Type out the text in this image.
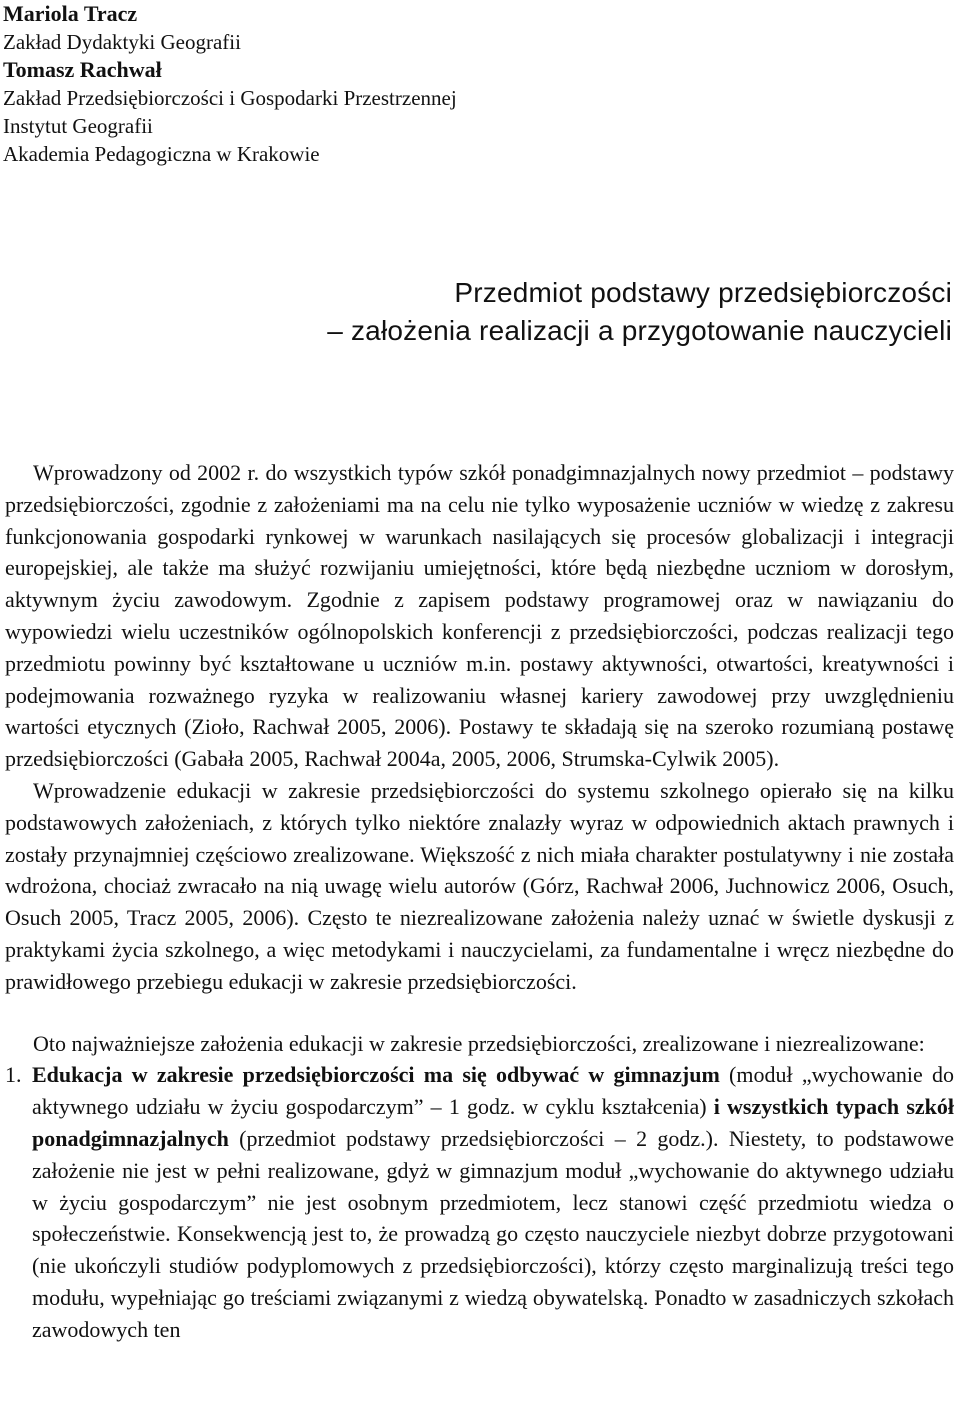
Mariola Tracz
Zakład Dydaktyki Geografii
Tomasz Rachwał
Zakład Przedsiębiorczości i Gospodarki Przestrzennej
Instytut Geografii
Akademia Pedagogiczna w Krakowie
Przedmiot podstawy przedsiębiorczości
– założenia realizacji a przygotowanie nauczycieli

Wprowadzony od 2002 r. do wszystkich typów szkół ponadgimnazjalnych nowy przedmiot – podstawy przedsiębiorczości, zgodnie z założeniami ma na celu nie tylko wyposażenie uczniów w wiedzę z zakresu funkcjonowania gospodarki rynkowej w warunkach nasilających się procesów globalizacji i integracji europejskiej, ale także ma służyć rozwijaniu umiejętności, które będą niezbędne uczniom w dorosłym, aktywnym życiu zawodowym. Zgodnie z zapisem podstawy programowej oraz w nawiązaniu do wypowiedzi wielu uczestników ogólnopolskich konferencji z przedsiębiorczości, podczas realizacji tego przedmiotu powinny być kształtowane u uczniów m.in. postawy aktywności, otwartości, kreatywności i podejmowania rozważnego ryzyka w realizowaniu własnej kariery zawodowej przy uwzględnieniu wartości etycznych (Zioło, Rachwał 2005, 2006). Postawy te składają się na szeroko rozumianą postawę przedsiębiorczości (Gabała 2005, Rachwał 2004a, 2005, 2006, Strumska-Cylwik 2005).

Wprowadzenie edukacji w zakresie przedsiębiorczości do systemu szkolnego opierało się na kilku podstawowych założeniach, z których tylko niektóre znalazły wyraz w odpowiednich aktach prawnych i zostały przynajmniej częściowo zrealizowane. Większość z nich miała charakter postulatywny i nie została wdrożona, chociaż zwracało na nią uwagę wielu autorów (Górz, Rachwał 2006, Juchnowicz 2006, Osuch, Osuch 2005, Tracz 2005, 2006). Często te niezrealizowane założenia należy uznać w świetle dyskusji z praktykami życia szkolnego, a więc metodykami i nauczycielami, za fundamentalne i wręcz niezbędne do prawidłowego przebiegu edukacji w zakresie przedsiębiorczości.

Oto najważniejsze założenia edukacji w zakresie przedsiębiorczości, zrealizowane i niezrealizowane:

1. Edukacja w zakresie przedsiębiorczości ma się odbywać w gimnazjum (moduł „wychowanie do aktywnego udziału w życiu gospodarczym” – 1 godz. w cyklu kształcenia) i wszystkich typach szkół ponadgimnazjalnych (przedmiot podstawy przedsiębiorczości – 2 godz.). Niestety, to podstawowe założenie nie jest w pełni realizowane, gdyż w gimnazjum moduł „wychowanie do aktywnego udziału w życiu gospodarczym” nie jest osobnym przedmiotem, lecz stanowi część przedmiotu wiedza o społeczeństwie. Konsekwencją jest to, że prowadzą go często nauczyciele niezbyt dobrze przygotowani (nie ukończyli studiów podyplomowych z przedsiębiorczości), którzy często marginalizują treści tego modułu, wypełniając go treściami związanymi z wiedzą obywatelską. Ponadto w zasadniczych szkołach zawodowych ten
